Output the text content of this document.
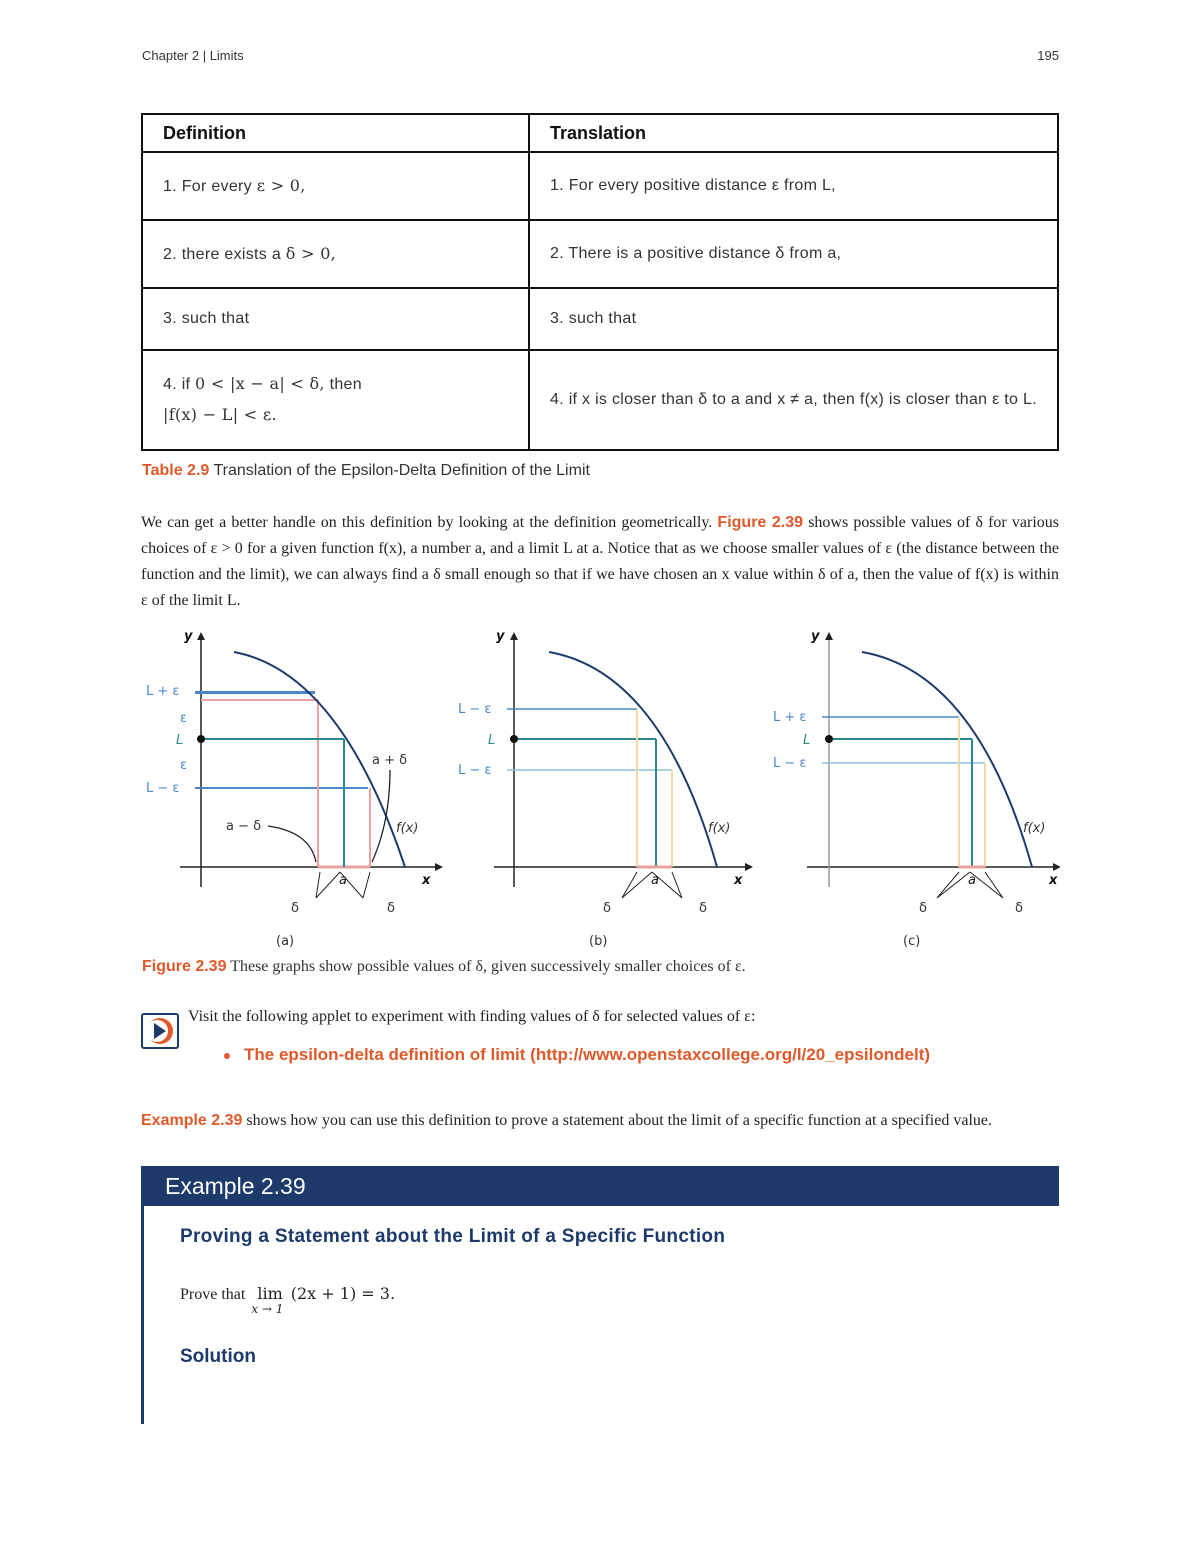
Chapter 2 | Limits	195
Definition	Translation
1. For every ε > 0,	1. For every positive distance ε from L,
2. there exists a δ > 0,	2. There is a positive distance δ from a,
3. such that	3. such that
4. if 0 < |x − a| < δ, then
|f(x) − L| < ε.	4. if x is closer than δ to a and x ≠ a, then f(x) is closer than ε to L.
Table 2.9 Translation of the Epsilon-Delta Definition of the Limit
We can get a better handle on this definition by looking at the definition geometrically. Figure 2.39 shows possible values of δ for various choices of ε > 0 for a given function f(x), a number a, and a limit L at a. Notice that as we choose smaller values of ε (the distance between the function and the limit), we can always find a δ small enough so that if we have chosen an x value within δ of a, then the value of f(x) is within ε of the limit L.
L + ε
ε
L
ε
L − ε
a + δ
a − δ	f(x)
x
y
a
δ	δ
(a)
L − ε
L
L − ε
f(x)
x
y
a
δ	δ
(b)
L + ε
L
L − ε
f(x)
x
y
a
δ	δ
(c)
Figure 2.39 These graphs show possible values of δ, given successively smaller choices of ε.
Visit the following applet to experiment with finding values of δ for selected values of ε:
The epsilon-delta definition of limit (http://www.openstaxcollege.org/l/20_epsilondelt)
Example 2.39 shows how you can use this definition to prove a statement about the limit of a specific function at a specified value.
Example 2.39
Proving a Statement about the Limit of a Specific Function
Prove that lim
x → 1
(2x + 1) = 3.
Solution
